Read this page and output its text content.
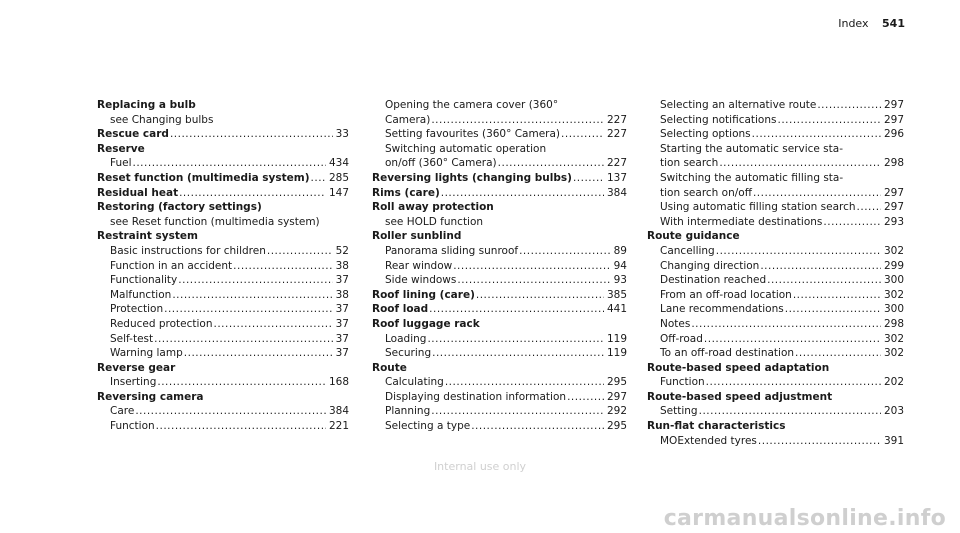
Index 541
Replacing a bulb
see Changing bulbs
Rescue card .....	33
Reserve
Fuel .....	434
Reset function (multimedia system) ..... 285
Residual heat .....	147
Restoring (factory settings)
see Reset function (multimedia system)
Restraint system
Basic instructions for children .....	52
Function in an accident .....	38
Functionality .....	37
Malfunction .....	38
Protection .....	37
Reduced protection .....	37
Self-test .....	37
Warning lamp .....	37
Reverse gear
Inserting .....	168
Reversing camera
Care .....	384
Function .....	221
Opening the camera cover (360°
Camera) .....	227
Setting favourites (360° Camera) .....	227
Switching automatic operation
on/off (360° Camera) .....	227
Reversing lights (changing bulbs) .....	137
Rims (care) .....	384
Roll away protection
see HOLD function
Roller sunblind
Panorama sliding sunroof .....	89
Rear window .....	94
Side windows .....	93
Roof lining (care) .....	385
Roof load .....	441
Roof luggage rack
Loading .....	119
Securing .....	119
Route
Calculating .....	295
Displaying destination information .....	297
Planning .....	292
Selecting a type .....	295
Selecting an alternative route .....	297
Selecting notifications .....	297
Selecting options .....	296
Starting the automatic service sta-
tion search .....	298
Switching the automatic filling sta-
tion search on/off .....	297
Using automatic filling station search .....	297
With intermediate destinations .....	293
Route guidance
Cancelling .....	302
Changing direction .....	299
Destination reached .....	300
From an off-road location .....	302
Lane recommendations .....	300
Notes .....	298
Off-road .....	302
To an off-road destination .....	302
Route-based speed adaptation
Function .....	202
Route-based speed adjustment
Setting .....	203
Run-flat characteristics
MOExtended tyres .....	391
Internal use only
carmanualsonline.info
